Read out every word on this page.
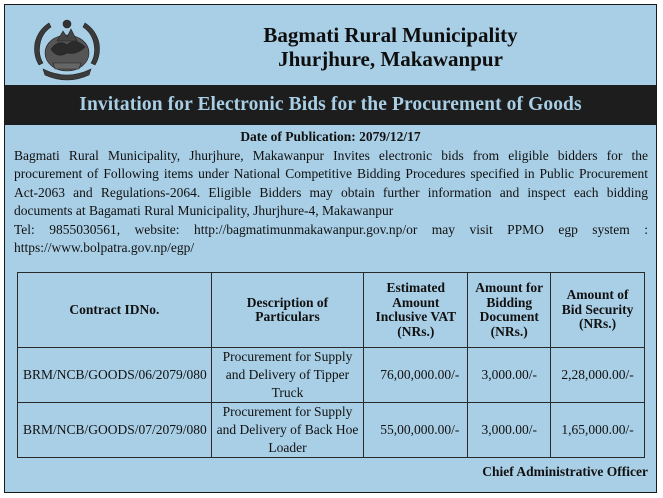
Bagmati Rural Municipality
Jhurjhure, Makawanpur
Invitation for Electronic Bids for the Procurement of Goods
Date of Publication: 2079/12/17

Bagmati Rural Municipality, Jhurjhure, Makawanpur Invites electronic bids from eligible bidders for the procurement of Following items under National Competitive Bidding Procedures specified in Public Procurement Act-2063 and Regulations-2064. Eligible Bidders may obtain further information and inspect each bidding documents at Bagamati Rural Municipality, Jhurjhure-4, Makawanpur

Tel: 9855030561, website: http://bagmatimunmakawanpur.gov.np/or may visit PPMO egp system : https://www.bolpatra.gov.np/egp/

Contract IDNo.	Description of Particulars	Estimated Amount Inclusive VAT (NRs.)	Amount for Bidding Document (NRs.)	Amount of Bid Security (NRs.)
BRM/NCB/GOODS/06/2079/080	Procurement for Supply and Delivery of Tipper Truck	76,00,000.00/-	3,000.00/-	2,28,000.00/-
BRM/NCB/GOODS/07/2079/080	Procurement for Supply and Delivery of Back Hoe Loader	55,00,000.00/-	3,000.00/-	1,65,000.00/-
Chief Administrative Officer
